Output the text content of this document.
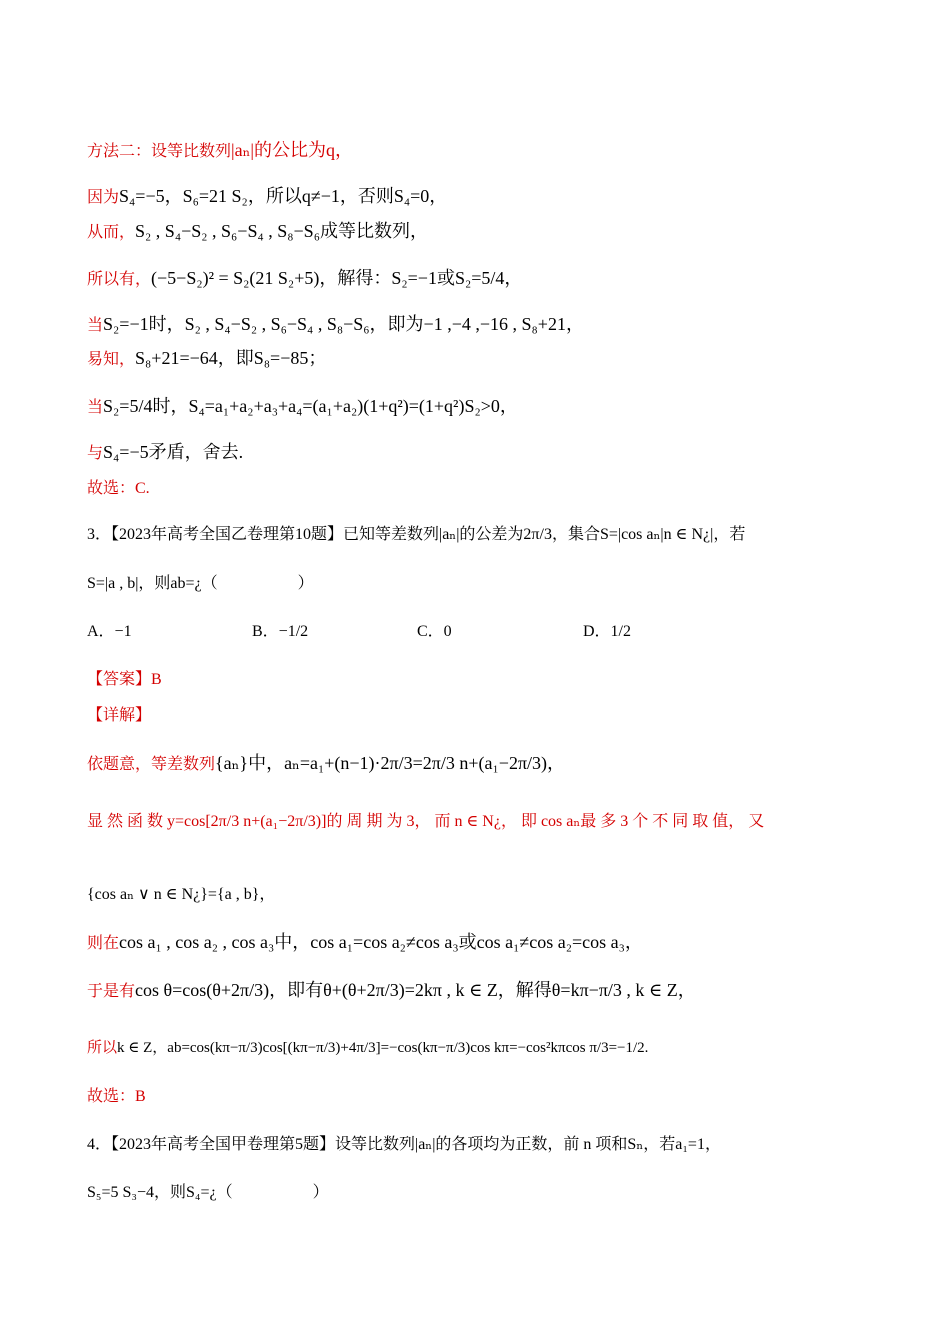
方法二：设等比数列|aₙ|的公比为q，
因为S₄=−5，S₆=21 S₂，所以q≠−1，否则S₄=0，
从而，S₂ , S₄−S₂ , S₆−S₄ , S₈−S₆成等比数列，
所以有，(−5−S₂)² = S₂(21 S₂+5)，解得：S₂=−1或S₂=5/4，
当S₂=−1时，S₂ , S₄−S₂ , S₆−S₄ , S₈−S₆，即为−1 ,−4 ,−16 , S₈+21，
易知，S₈+21=−64，即S₈=−85；
当S₂=5/4时，S₄=a₁+a₂+a₃+a₄=(a₁+a₂)(1+q²)=(1+q²)S₂>0，
与S₄=−5矛盾，舍去.
故选：C.
3．【2023年高考全国乙卷理第10题】已知等差数列|aₙ|的公差为2π/3，集合S=|cos aₙ|n ∈ N¿|，若
S=|a , b|，则ab=¿（　　　　　）
A．−1	B．−1/2	C．0	D．1/2
【答案】B
【详解】
依题意，等差数列{aₙ}中，aₙ=a₁+(n−1)·2π/3=2π/3 n+(a₁−2π/3)，
显 然 函 数 y=cos[2π/3 n+(a₁−2π/3)]的 周 期 为 3， 而 n ∈ N¿， 即 cos aₙ最 多 3 个 不 同 取 值， 又
{cos aₙ ∨ n ∈ N¿}={a , b}，
则在cos a₁ , cos a₂ , cos a₃中，cos a₁=cos a₂≠cos a₃或cos a₁≠cos a₂=cos a₃，
于是有cos θ=cos(θ+2π/3)，即有θ+(θ+2π/3)=2kπ , k ∈ Z，解得θ=kπ−π/3 , k ∈ Z，
所以k ∈ Z，ab=cos(kπ−π/3)cos[(kπ−π/3)+4π/3]=−cos(kπ−π/3)cos kπ=−cos²kπcos π/3=−1/2.
故选：B
4．【2023年高考全国甲卷理第5题】设等比数列|aₙ|的各项均为正数，前 n 项和Sₙ，若a₁=1，
S₅=5 S₃−4，则S₄=¿（　　　　　）
